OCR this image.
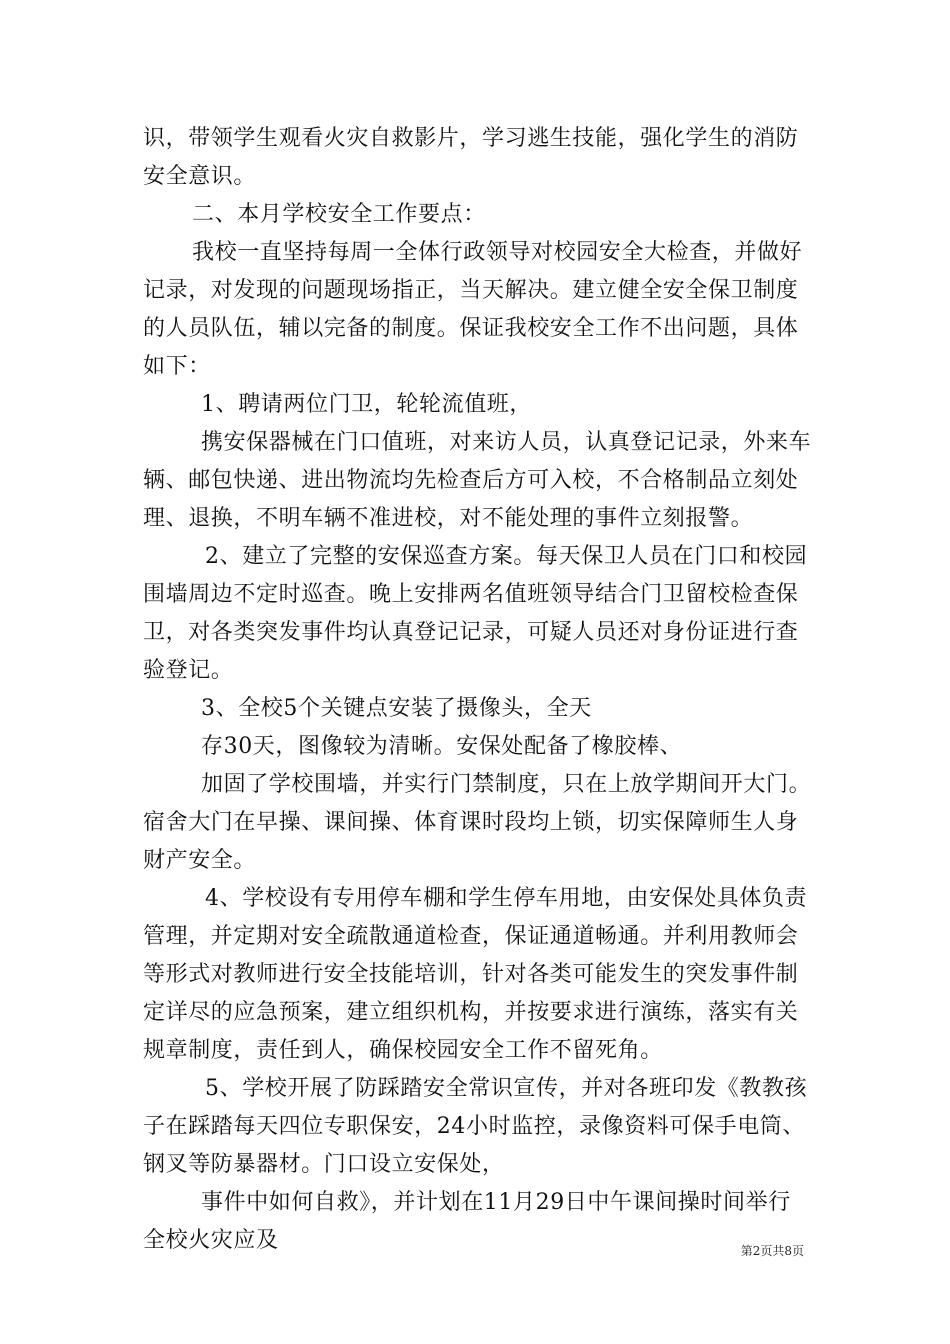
识，带领学生观看火灾自救影片，学习逃生技能，强化学生的消防
安全意识。
二、本月学校安全工作要点：
我校一直坚持每周一全体行政领导对校园安全大检查，并做好
记录，对发现的问题现场指正，当天解决。建立健全安全保卫制度
的人员队伍，辅以完备的制度。保证我校安全工作不出问题，具体
如下：
1、聘请两位门卫，轮轮流值班，
携安保器械在门口值班，对来访人员，认真登记记录，外来车
辆、邮包快递、进出物流均先检查后方可入校，不合格制品立刻处
理、退换，不明车辆不准进校，对不能处理的事件立刻报警。
2、建立了完整的安保巡查方案。每天保卫人员在门口和校园
围墙周边不定时巡查。晚上安排两名值班领导结合门卫留校检查保
卫，对各类突发事件均认真登记记录，可疑人员还对身份证进行查
验登记。
3、全校5个关键点安装了摄像头，全天
存30天，图像较为清晰。安保处配备了橡胶棒、
加固了学校围墙，并实行门禁制度，只在上放学期间开大门。
宿舍大门在早操、课间操、体育课时段均上锁，切实保障师生人身
财产安全。
4、学校设有专用停车棚和学生停车用地，由安保处具体负责
管理，并定期对安全疏散通道检查，保证通道畅通。并利用教师会
等形式对教师进行安全技能培训，针对各类可能发生的突发事件制
定详尽的应急预案，建立组织机构，并按要求进行演练，落实有关
规章制度，责任到人，确保校园安全工作不留死角。
5、学校开展了防踩踏安全常识宣传，并对各班印发《教教孩
子在踩踏每天四位专职保安，24小时监控，录像资料可保手电筒、
钢叉等防暴器材。门口设立安保处，
事件中如何自救》，并计划在11月29日中午课间操时间举行
全校火灾应及	第2页共8页
